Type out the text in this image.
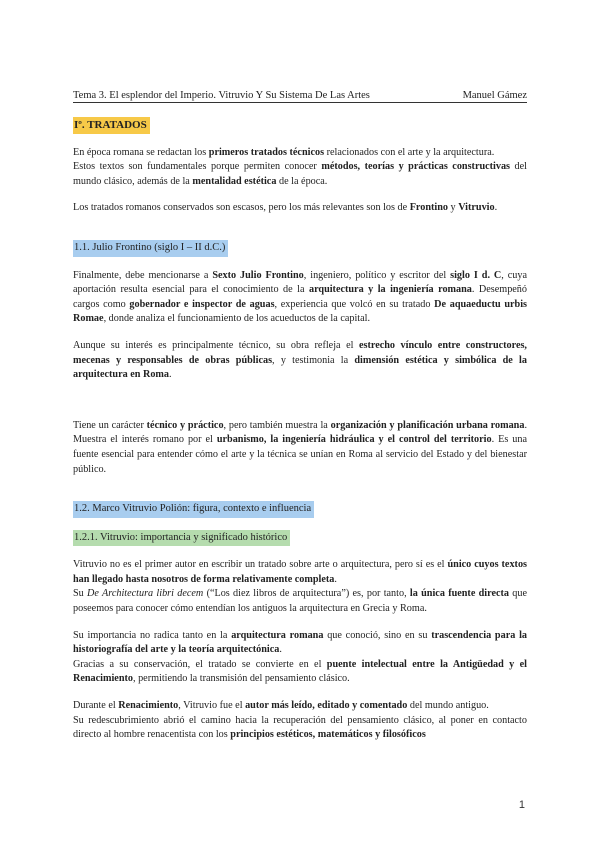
Tema 3. El esplendor del Imperio. Vitruvio Y Su Sistema De Las Artes	Manuel Gámez

Iº. TRATADOS

En época romana se redactan los primeros tratados técnicos relacionados con el arte y la arquitectura.

Estos textos son fundamentales porque permiten conocer métodos, teorías y prácticas constructivas del mundo clásico, además de la mentalidad estética de la época.

Los tratados romanos conservados son escasos, pero los más relevantes son los de Frontino y Vitruvio.

1.1. Julio Frontino (siglo I – II d.C.)

Finalmente, debe mencionarse a Sexto Julio Frontino, ingeniero, político y escritor del siglo I d. C, cuya aportación resulta esencial para el conocimiento de la arquitectura y la ingeniería romana. Desempeñó cargos como gobernador e inspector de aguas, experiencia que volcó en su tratado De aquaeductu urbis Romae, donde analiza el funcionamiento de los acueductos de la capital.

Aunque su interés es principalmente técnico, su obra refleja el estrecho vínculo entre constructores, mecenas y responsables de obras públicas, y testimonia la dimensión estética y simbólica de la arquitectura en Roma.

Tiene un carácter técnico y práctico, pero también muestra la organización y planificación urbana romana. Muestra el interés romano por el urbanismo, la ingeniería hidráulica y el control del territorio. Es una fuente esencial para entender cómo el arte y la técnica se unían en Roma al servicio del Estado y del bienestar público.

1.2. Marco Vitruvio Polión: figura, contexto e influencia

1.2.1. Vitruvio: importancia y significado histórico

Vitruvio no es el primer autor en escribir un tratado sobre arte o arquitectura, pero sí es el único cuyos textos han llegado hasta nosotros de forma relativamente completa.

Su De Architectura libri decem (“Los diez libros de arquitectura”) es, por tanto, la única fuente directa que poseemos para conocer cómo entendían los antiguos la arquitectura en Grecia y Roma.

Su importancia no radica tanto en la arquitectura romana que conoció, sino en su trascendencia para la historiografía del arte y la teoría arquitectónica.

Gracias a su conservación, el tratado se convierte en el puente intelectual entre la Antigüedad y el Renacimiento, permitiendo la transmisión del pensamiento clásico.

Durante el Renacimiento, Vitruvio fue el autor más leído, editado y comentado del mundo antiguo.

Su redescubrimiento abrió el camino hacia la recuperación del pensamiento clásico, al poner en contacto directo al hombre renacentista con los principios estéticos, matemáticos y filosóficos

1
